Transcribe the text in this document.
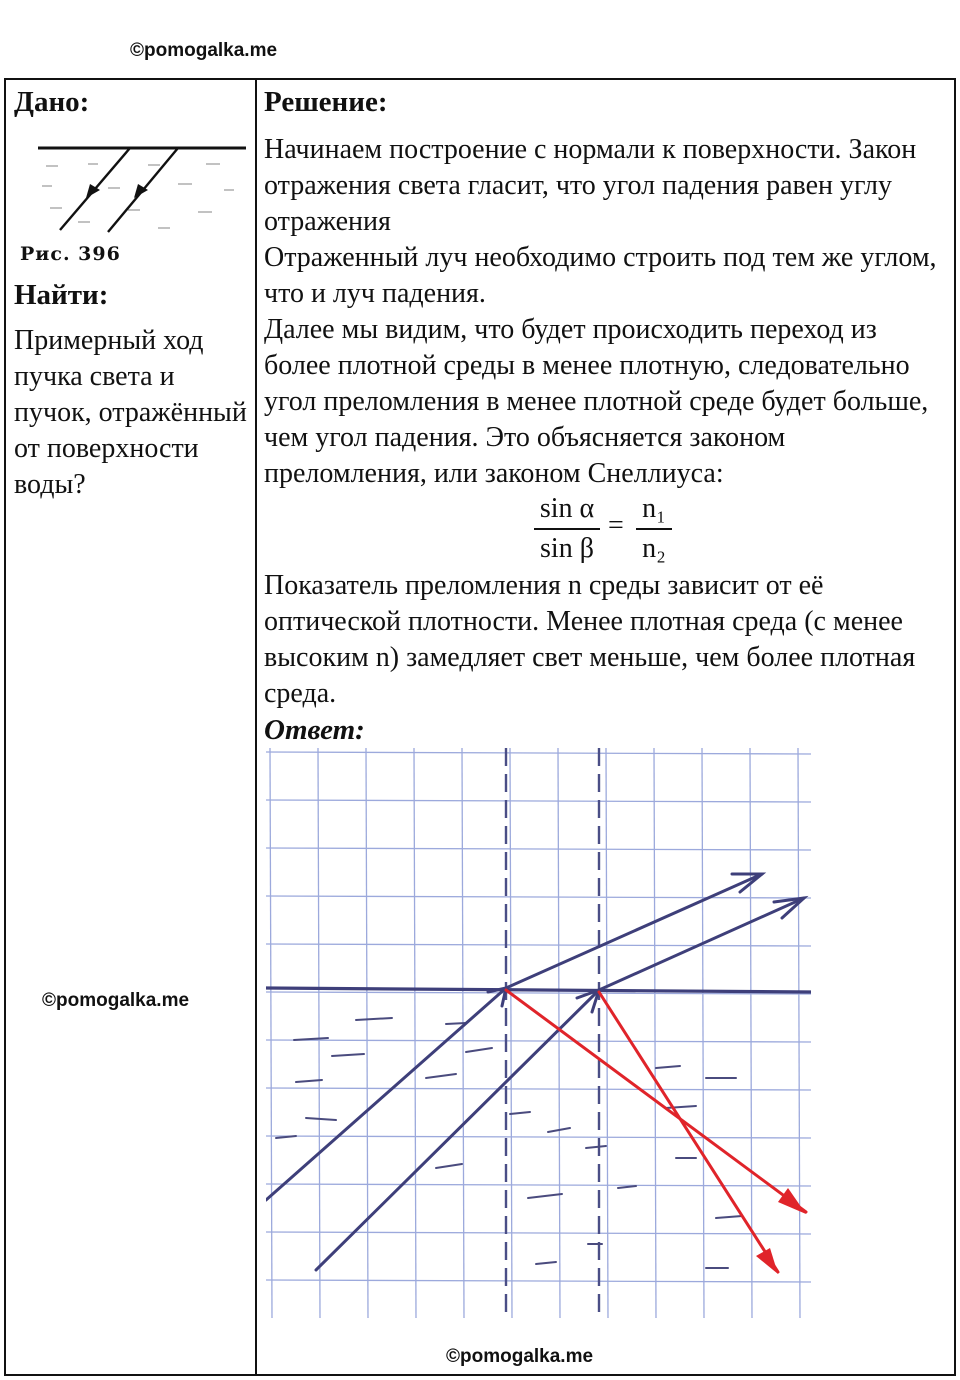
©pomogalka.me

Дано:

Рис. 396

Найти:

Примерный ход пучка света и пучок, отражённый от поверхности воды?

©pomogalka.me

Решение:

Начинаем построение с нормали к поверхности. Закон отражения света гласит, что угол падения равен углу отражения

Отраженный луч необходимо строить под тем же углом, что и луч падения.

Далее мы видим, что будет происходить переход из более плотной среды в менее плотную, следовательно угол преломления в менее плотной среде будет больше, чем угол падения. Это объясняется законом преломления, или законом Снеллиуса:

sin α
sin β
=
n₁
n₂

Показатель преломления n среды зависит от её оптической плотности. Менее плотная среда (с менее высоким n) замедляет свет меньше, чем более плотная среда.

Ответ:

©pomogalka.me
